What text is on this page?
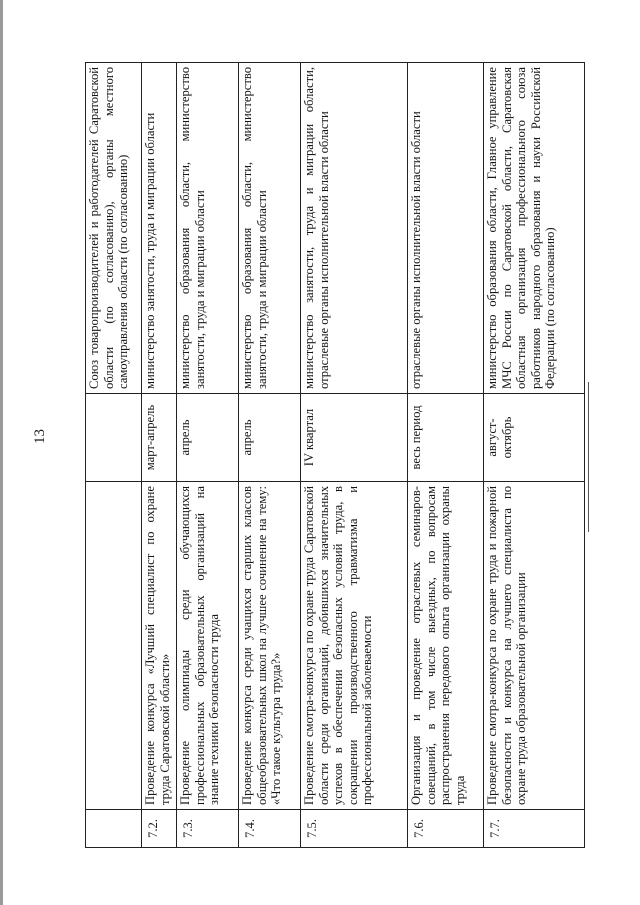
13
			Союз товаропроизводителей и работодателей Саратовской области (по согласованию), органы местного самоуправления области (по согласованию)
7.2.	Проведение конкурса «Лучший специалист по охране труда Саратовской области»	март-апрель	министерство занятости, труда и миграции области
7.3.	Проведение олимпиады среди обучающихся профессиональных образовательных организаций на знание техники безопасности труда	апрель	министерство образования области, министерство занятости, труда и миграции области
7.4.	Проведение конкурса среди учащихся старших классов общеобразовательных школ на лучшее сочинение на тему: «Что такое культура труда?»	апрель	министерство образования области, министерство занятости, труда и миграции области
7.5.	Проведение смотра-конкурса по охране труда Саратовской области среди организаций, добившихся значительных успехов в обеспечении безопасных условий труда, в сокращении производственного травматизма и профессиональной заболеваемости	IV квартал	министерство занятости, труда и миграции области, отраслевые органы исполнительной власти области
7.6.	Организация и проведение отраслевых семинаров-совещаний, в том числе выездных, по вопросам распространения передового опыта организации охраны труда	весь период	отраслевые органы исполнительной власти области
7.7.	Проведение смотра-конкурса по охране труда и пожарной безопасности и конкурса на лучшего специалиста по охране труда образовательной организации	август-октябрь	министерство образования области, Главное управление МЧС России по Саратовской области, Саратовская областная организация профессионального союза работников народного образования и науки Российской Федерации (по согласованию)
